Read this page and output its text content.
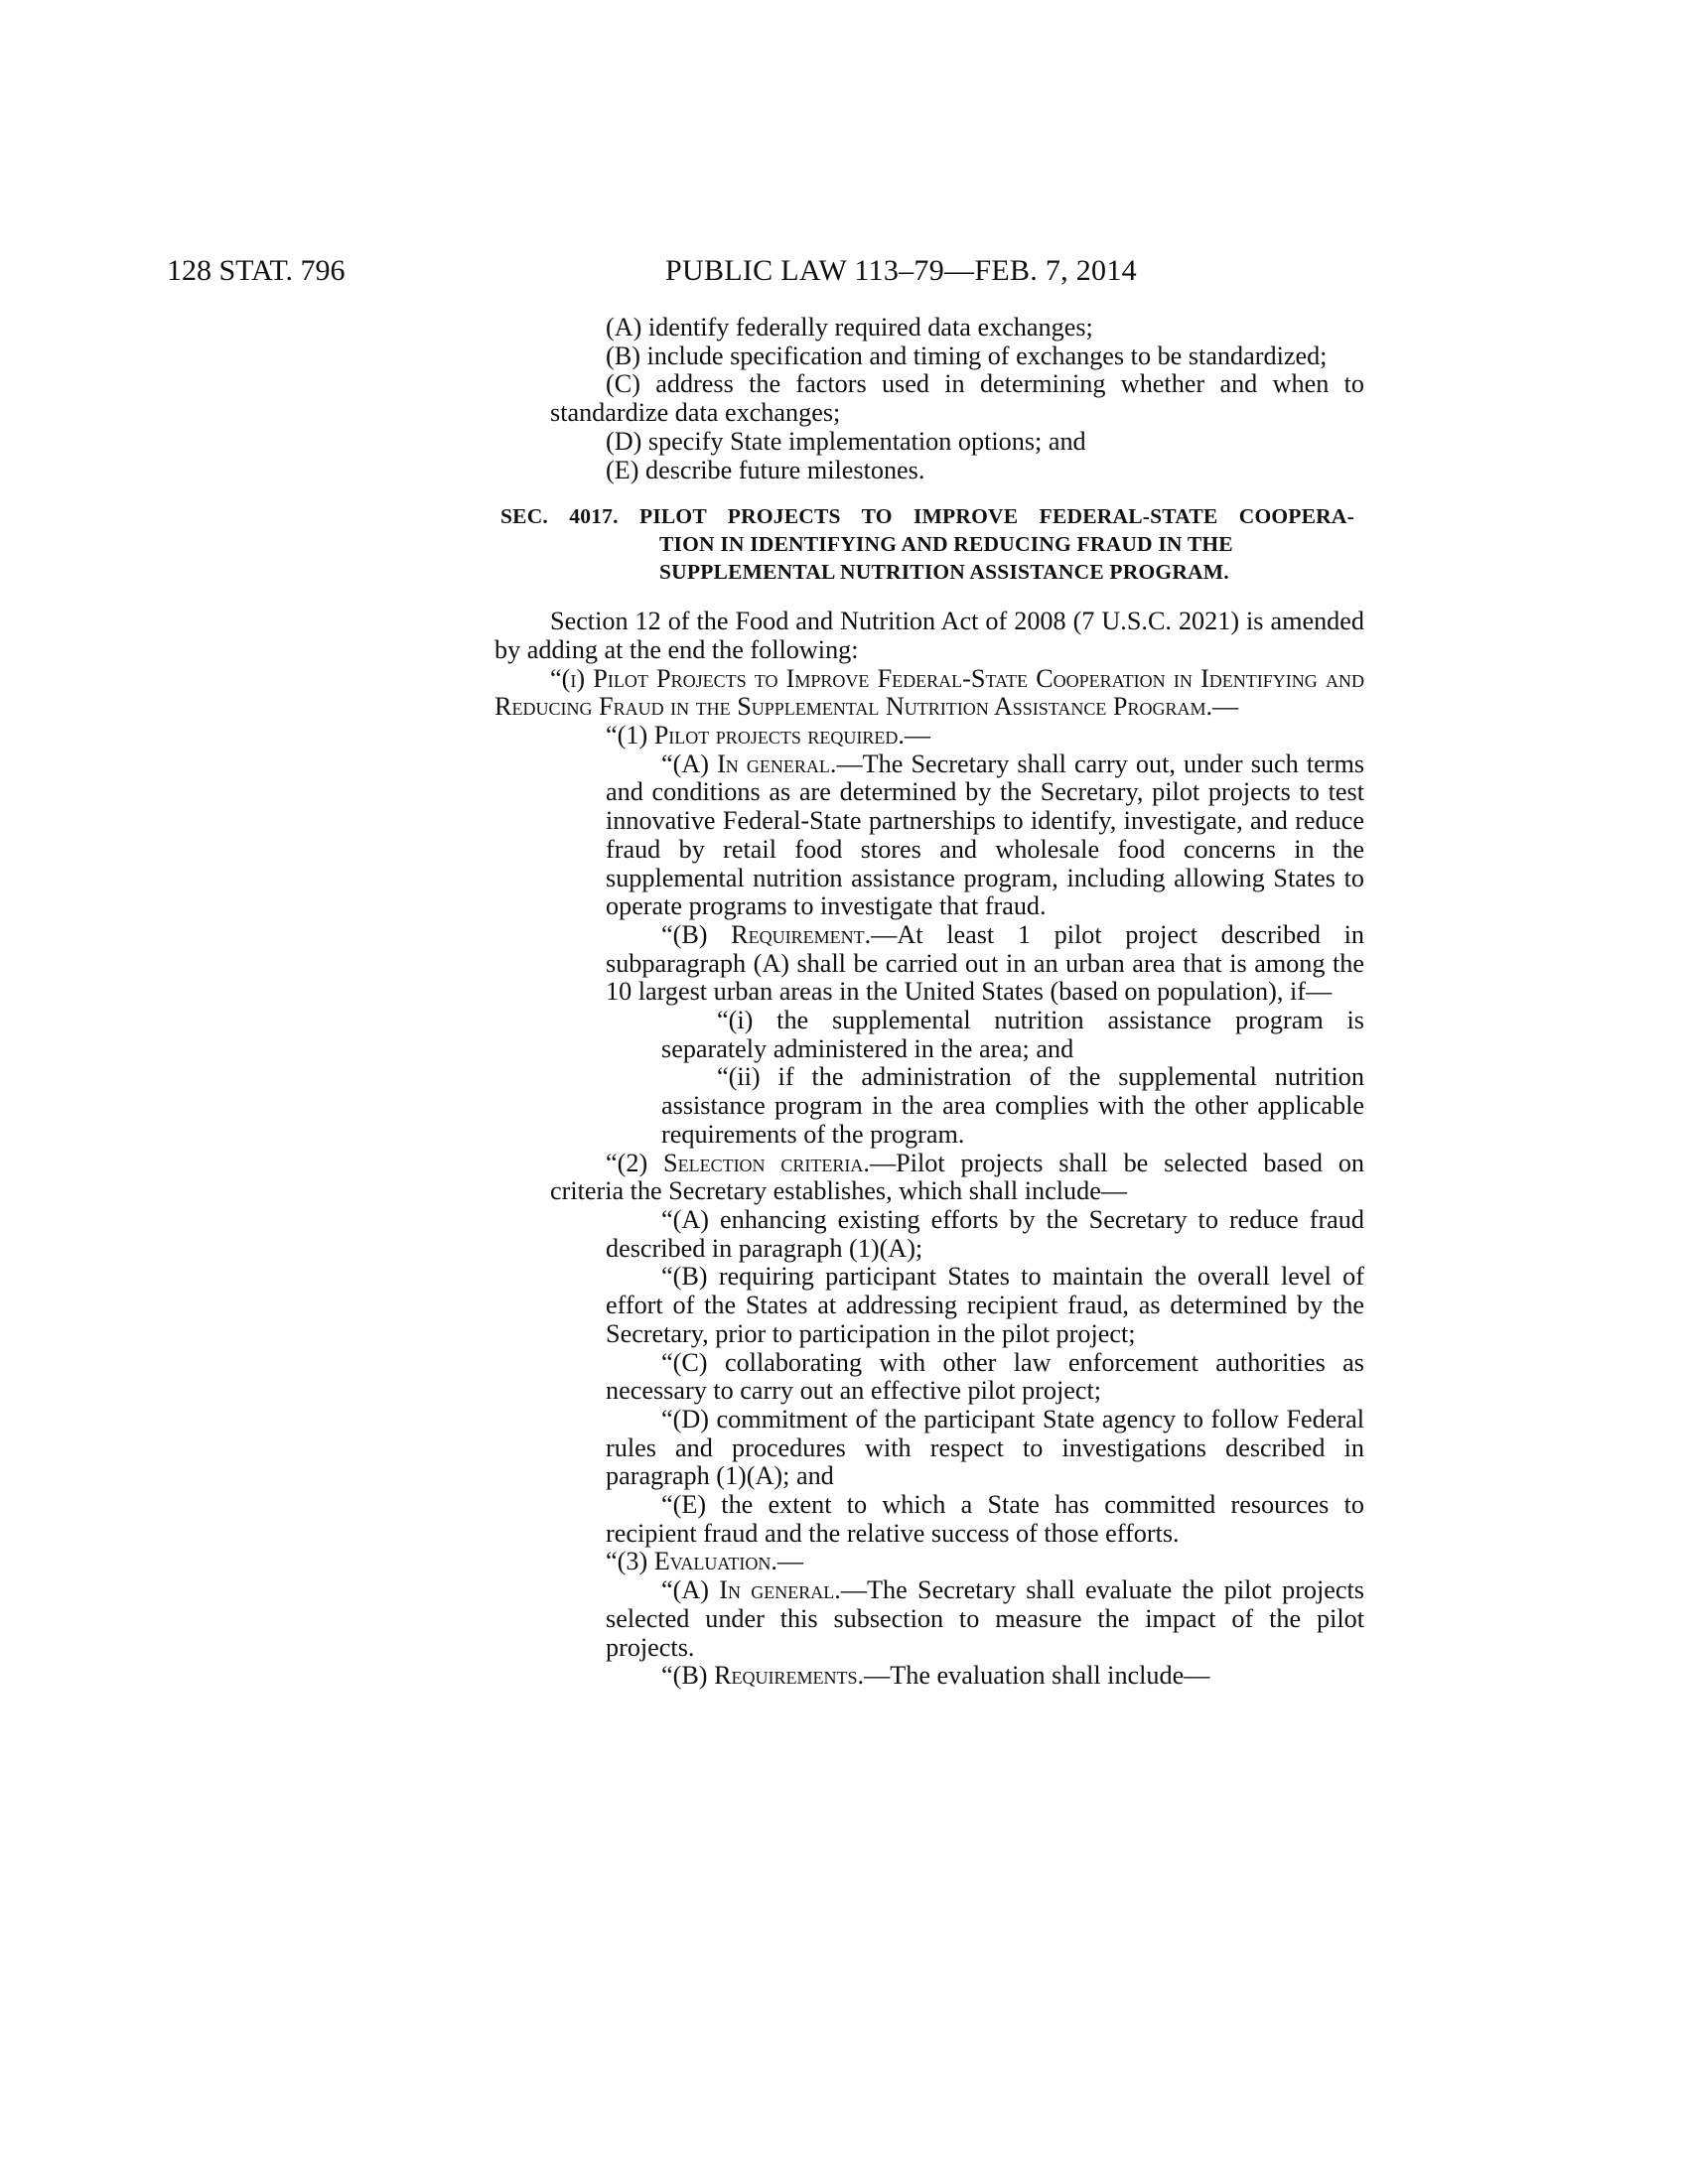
128 STAT. 796	PUBLIC LAW 113–79—FEB. 7, 2014

(A) identify federally required data exchanges;

(B) include specification and timing of exchanges to be standardized;

(C) address the factors used in determining whether and when to standardize data exchanges;

(D) specify State implementation options; and

(E) describe future milestones.

SEC. 4017. PILOT PROJECTS TO IMPROVE FEDERAL-STATE COOPERA-
TION IN IDENTIFYING AND REDUCING FRAUD IN THE
SUPPLEMENTAL NUTRITION ASSISTANCE PROGRAM.

Section 12 of the Food and Nutrition Act of 2008 (7 U.S.C. 2021) is amended by adding at the end the following:

“(i) Pilot Projects to Improve Federal-State Cooperation in Identifying and Reducing Fraud in the Supplemental Nutrition Assistance Program.—

“(1) Pilot projects required.—

“(A) In general.—The Secretary shall carry out, under such terms and conditions as are determined by the Secretary, pilot projects to test innovative Federal-State partnerships to identify, investigate, and reduce fraud by retail food stores and wholesale food concerns in the supplemental nutrition assistance program, including allowing States to operate programs to investigate that fraud.

“(B) Requirement.—At least 1 pilot project described in subparagraph (A) shall be carried out in an urban area that is among the 10 largest urban areas in the United States (based on population), if—

“(i) the supplemental nutrition assistance program is separately administered in the area; and

“(ii) if the administration of the supplemental nutrition assistance program in the area complies with the other applicable requirements of the program.

“(2) Selection criteria.—Pilot projects shall be selected based on criteria the Secretary establishes, which shall include—

“(A) enhancing existing efforts by the Secretary to reduce fraud described in paragraph (1)(A);

“(B) requiring participant States to maintain the overall level of effort of the States at addressing recipient fraud, as determined by the Secretary, prior to participation in the pilot project;

“(C) collaborating with other law enforcement authorities as necessary to carry out an effective pilot project;

“(D) commitment of the participant State agency to follow Federal rules and procedures with respect to investigations described in paragraph (1)(A); and

“(E) the extent to which a State has committed resources to recipient fraud and the relative success of those efforts.

“(3) Evaluation.—

“(A) In general.—The Secretary shall evaluate the pilot projects selected under this subsection to measure the impact of the pilot projects.

“(B) Requirements.—The evaluation shall include—
